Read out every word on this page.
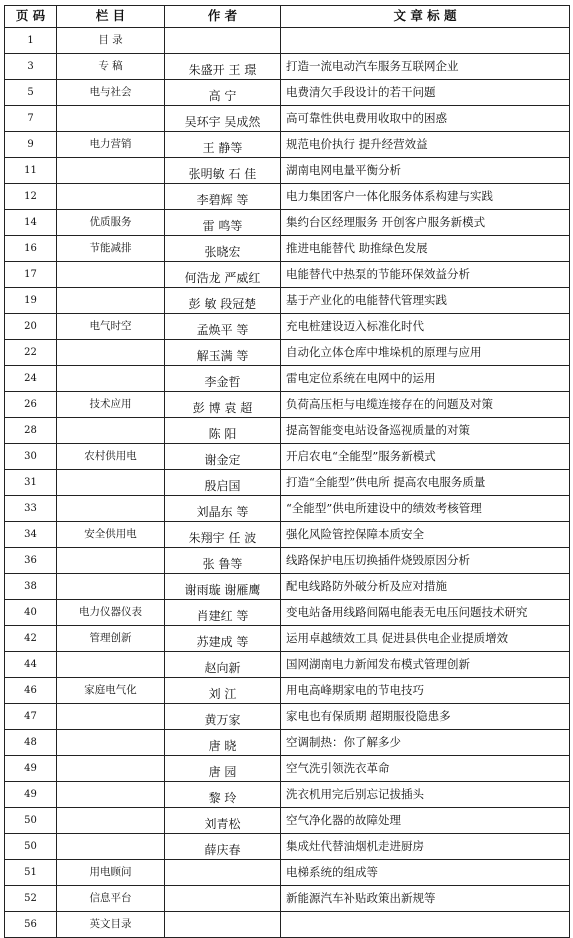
页 码	栏 目	作 者	文 章 标 题
1	目 录		
3	专 稿	朱盛开 王 璟	打造一流电动汽车服务互联网企业
5	电与社会	高 宁	电费清欠手段设计的若干问题
7		吴环宇 吴成然	高可靠性供电费用收取中的困惑
9	电力营销	王 静等	规范电价执行 提升经营效益
11		张明敏 石 佳	湖南电网电量平衡分析
12		李碧辉 等	电力集团客户一体化服务体系构建与实践
14	优质服务	雷 鸣等	集约台区经理服务 开创客户服务新模式
16	节能减排	张晓宏	推进电能替代 助推绿色发展
17		何浩龙 严威红	电能替代中热泵的节能环保效益分析
19		彭 敏 段冠楚	基于产业化的电能替代管理实践
20	电气时空	孟焕平 等	充电桩建设迈入标准化时代
22		解玉满 等	自动化立体仓库中堆垛机的原理与应用
24		李金哲	雷电定位系统在电网中的运用
26	技术应用	彭 博 袁 超	负荷高压柜与电缆连接存在的问题及对策
28		陈 阳	提高智能变电站设备巡视质量的对策
30	农村供用电	谢金定	开启农电“全能型”服务新模式
31		殷启国	打造“全能型”供电所 提高农电服务质量
33		刘晶东 等	“全能型”供电所建设中的绩效考核管理
34	安全供用电	朱翔宇 任 波	强化风险管控保障本质安全
36		张 鲁等	线路保护电压切换插件烧毁原因分析
38		谢雨璇 谢雁鹰	配电线路防外破分析及应对措施
40	电力仪器仪表	肖建红 等	变电站备用线路间隔电能表无电压问题技术研究
42	管理创新	苏建成 等	运用卓越绩效工具 促进县供电企业提质增效
44		赵向新	国网湖南电力新闻发布模式管理创新
46	家庭电气化	刘 江	用电高峰期家电的节电技巧
47		黄万家	家电也有保质期 超期服役隐患多
48		唐 晓	空调制热：你了解多少
49		唐 园	空气洗引领洗衣革命
49		黎 玲	洗衣机用完后别忘记拔插头
50		刘青松	空气净化器的故障处理
50		薛庆春	集成灶代替油烟机走进厨房
51	用电顾问		电梯系统的组成等
52	信息平台		新能源汽车补贴政策出新规等
56	英文目录		
